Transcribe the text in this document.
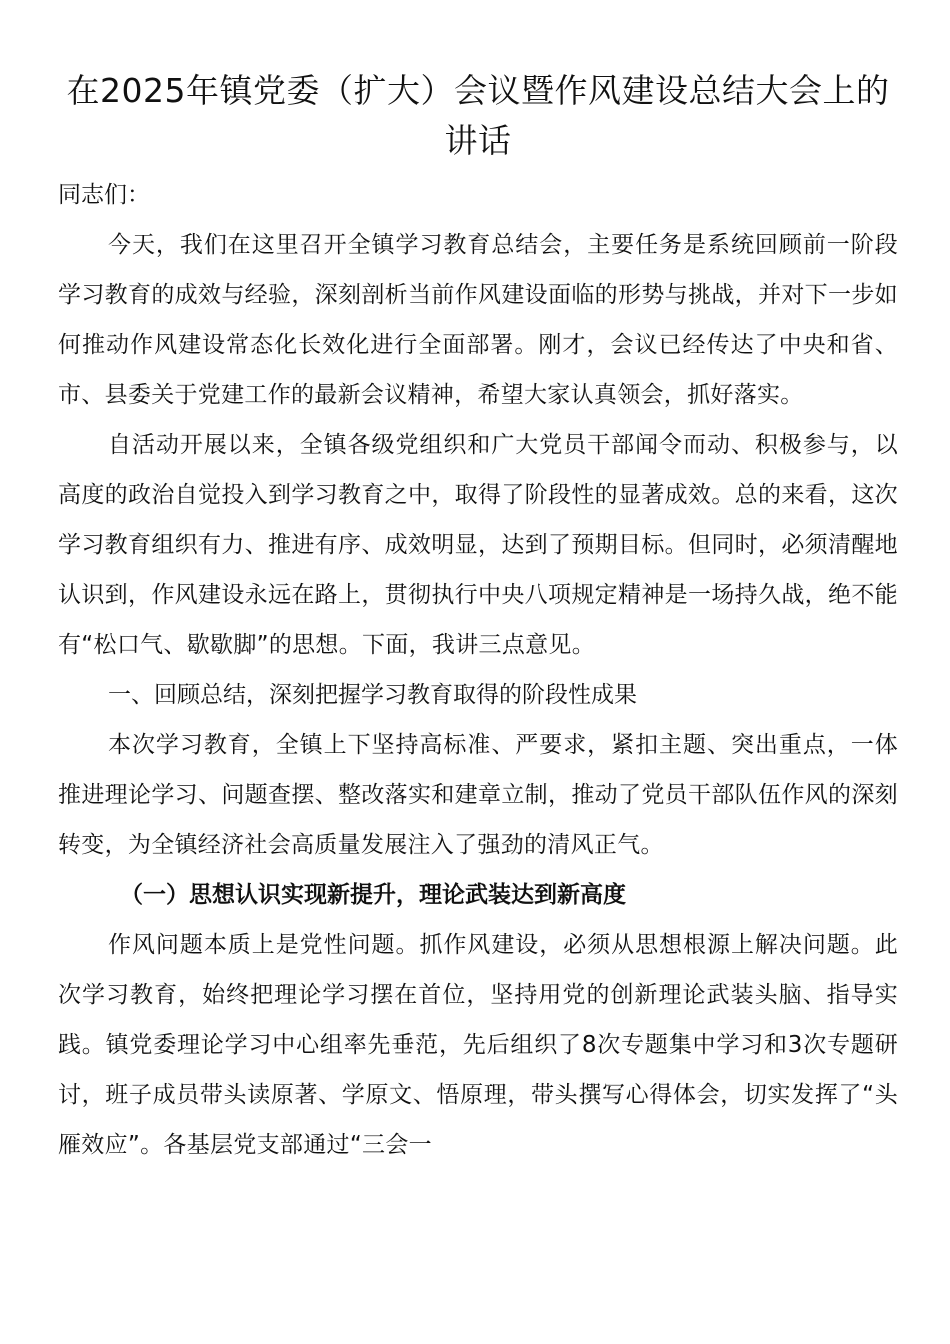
在2025年镇党委（扩大）会议暨作风建设总结大会上的讲话

同志们：

今天，我们在这里召开全镇学习教育总结会，主要任务是系统回顾前一阶段学习教育的成效与经验，深刻剖析当前作风建设面临的形势与挑战，并对下一步如何推动作风建设常态化长效化进行全面部署。刚才，会议已经传达了中央和省、市、县委关于党建工作的最新会议精神，希望大家认真领会，抓好落实。

自活动开展以来，全镇各级党组织和广大党员干部闻令而动、积极参与，以高度的政治自觉投入到学习教育之中，取得了阶段性的显著成效。总的来看，这次学习教育组织有力、推进有序、成效明显，达到了预期目标。但同时，必须清醒地认识到，作风建设永远在路上，贯彻执行中央八项规定精神是一场持久战，绝不能有“松口气、歇歇脚”的思想。下面，我讲三点意见。

一、回顾总结，深刻把握学习教育取得的阶段性成果

本次学习教育，全镇上下坚持高标准、严要求，紧扣主题、突出重点，一体推进理论学习、问题查摆、整改落实和建章立制，推动了党员干部队伍作风的深刻转变，为全镇经济社会高质量发展注入了强劲的清风正气。

（一）思想认识实现新提升，理论武装达到新高度

作风问题本质上是党性问题。抓作风建设，必须从思想根源上解决问题。此次学习教育，始终把理论学习摆在首位，坚持用党的创新理论武装头脑、指导实践。镇党委理论学习中心组率先垂范，先后组织了8次专题集中学习和3次专题研讨，班子成员带头读原著、学原文、悟原理，带头撰写心得体会，切实发挥了“头雁效应”。各基层党支部通过“三会一
